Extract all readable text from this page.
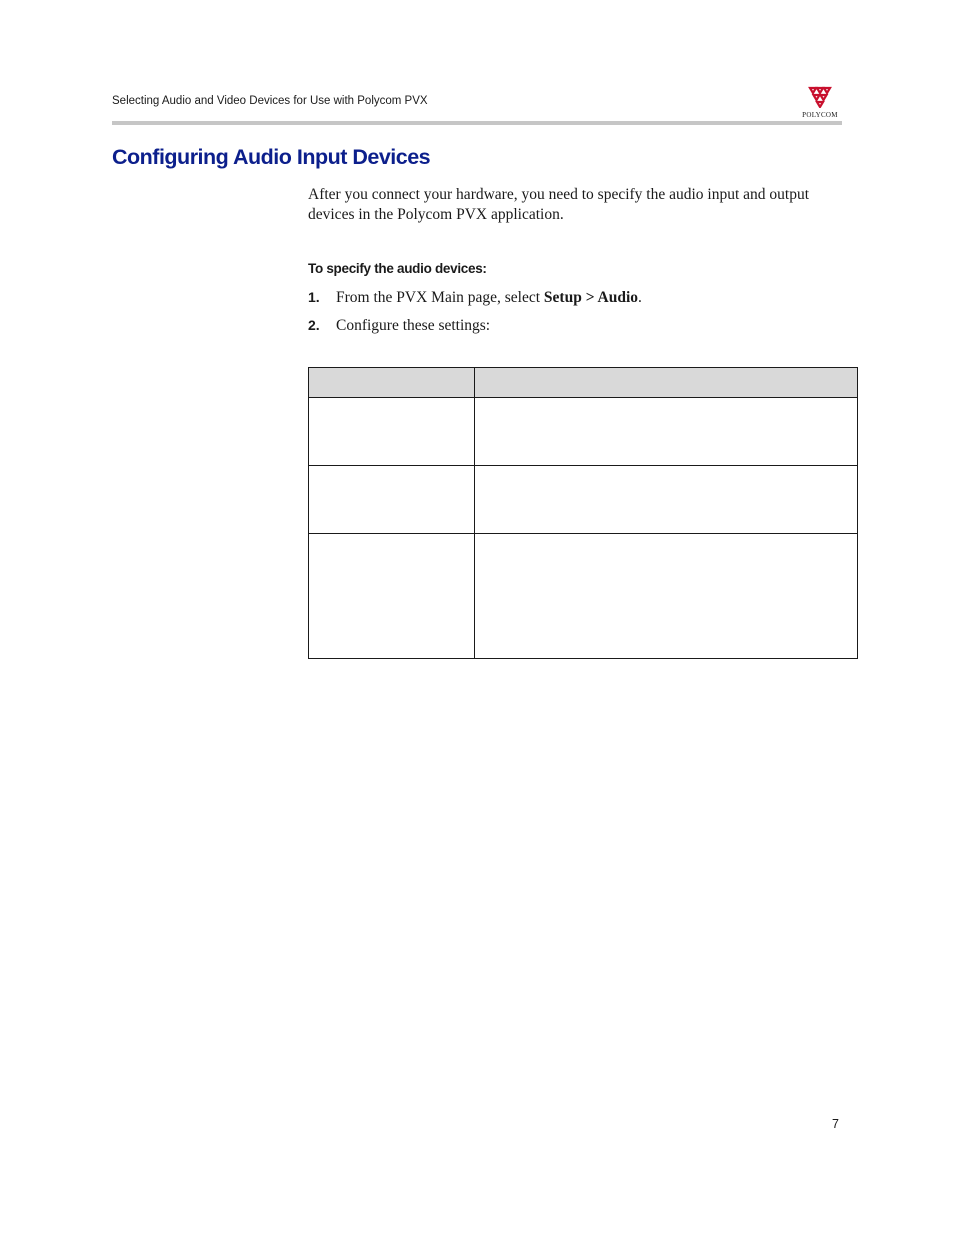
Selecting Audio and Video Devices for Use with Polycom PVX
POLYCOM
Configuring Audio Input Devices

After you connect your hardware, you need to specify the audio input and output devices in the Polycom PVX application.

To specify the audio devices:

1. From the PVX Main page, select Setup > Audio.
2. Configure these settings:

7
